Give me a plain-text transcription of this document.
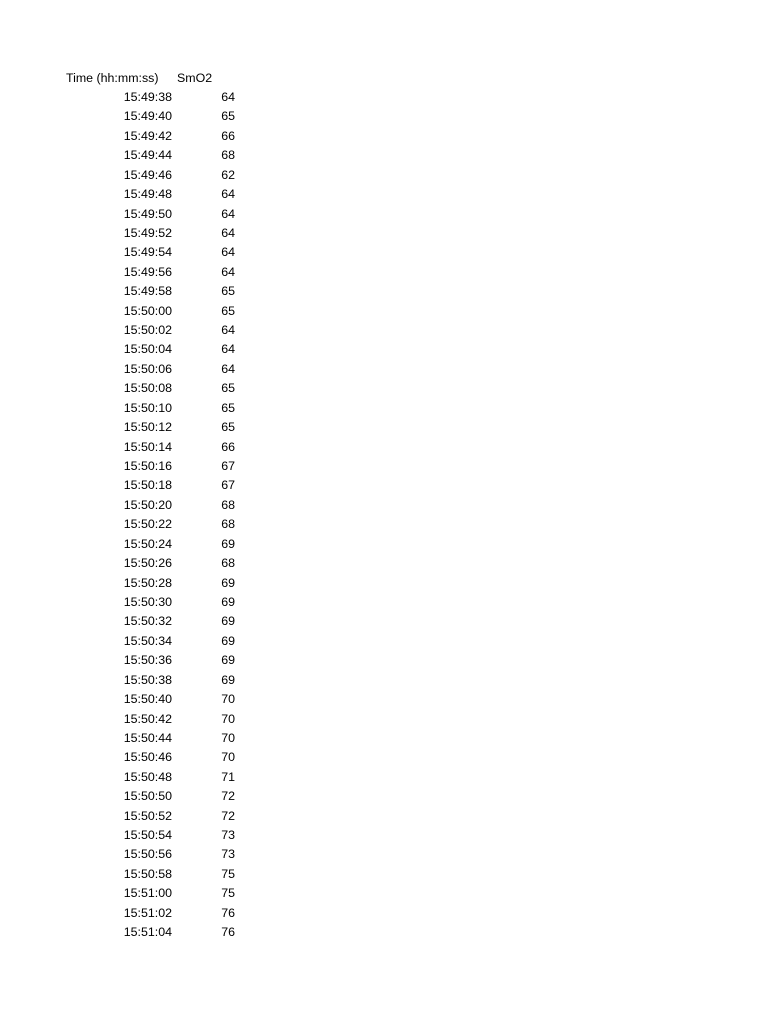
Time (hh:mm:ss) SmO2
15:49:38	64
15:49:40	65
15:49:42	66
15:49:44	68
15:49:46	62
15:49:48	64
15:49:50	64
15:49:52	64
15:49:54	64
15:49:56	64
15:49:58	65
15:50:00	65
15:50:02	64
15:50:04	64
15:50:06	64
15:50:08	65
15:50:10	65
15:50:12	65
15:50:14	66
15:50:16	67
15:50:18	67
15:50:20	68
15:50:22	68
15:50:24	69
15:50:26	68
15:50:28	69
15:50:30	69
15:50:32	69
15:50:34	69
15:50:36	69
15:50:38	69
15:50:40	70
15:50:42	70
15:50:44	70
15:50:46	70
15:50:48	71
15:50:50	72
15:50:52	72
15:50:54	73
15:50:56	73
15:50:58	75
15:51:00	75
15:51:02	76
15:51:04	76
